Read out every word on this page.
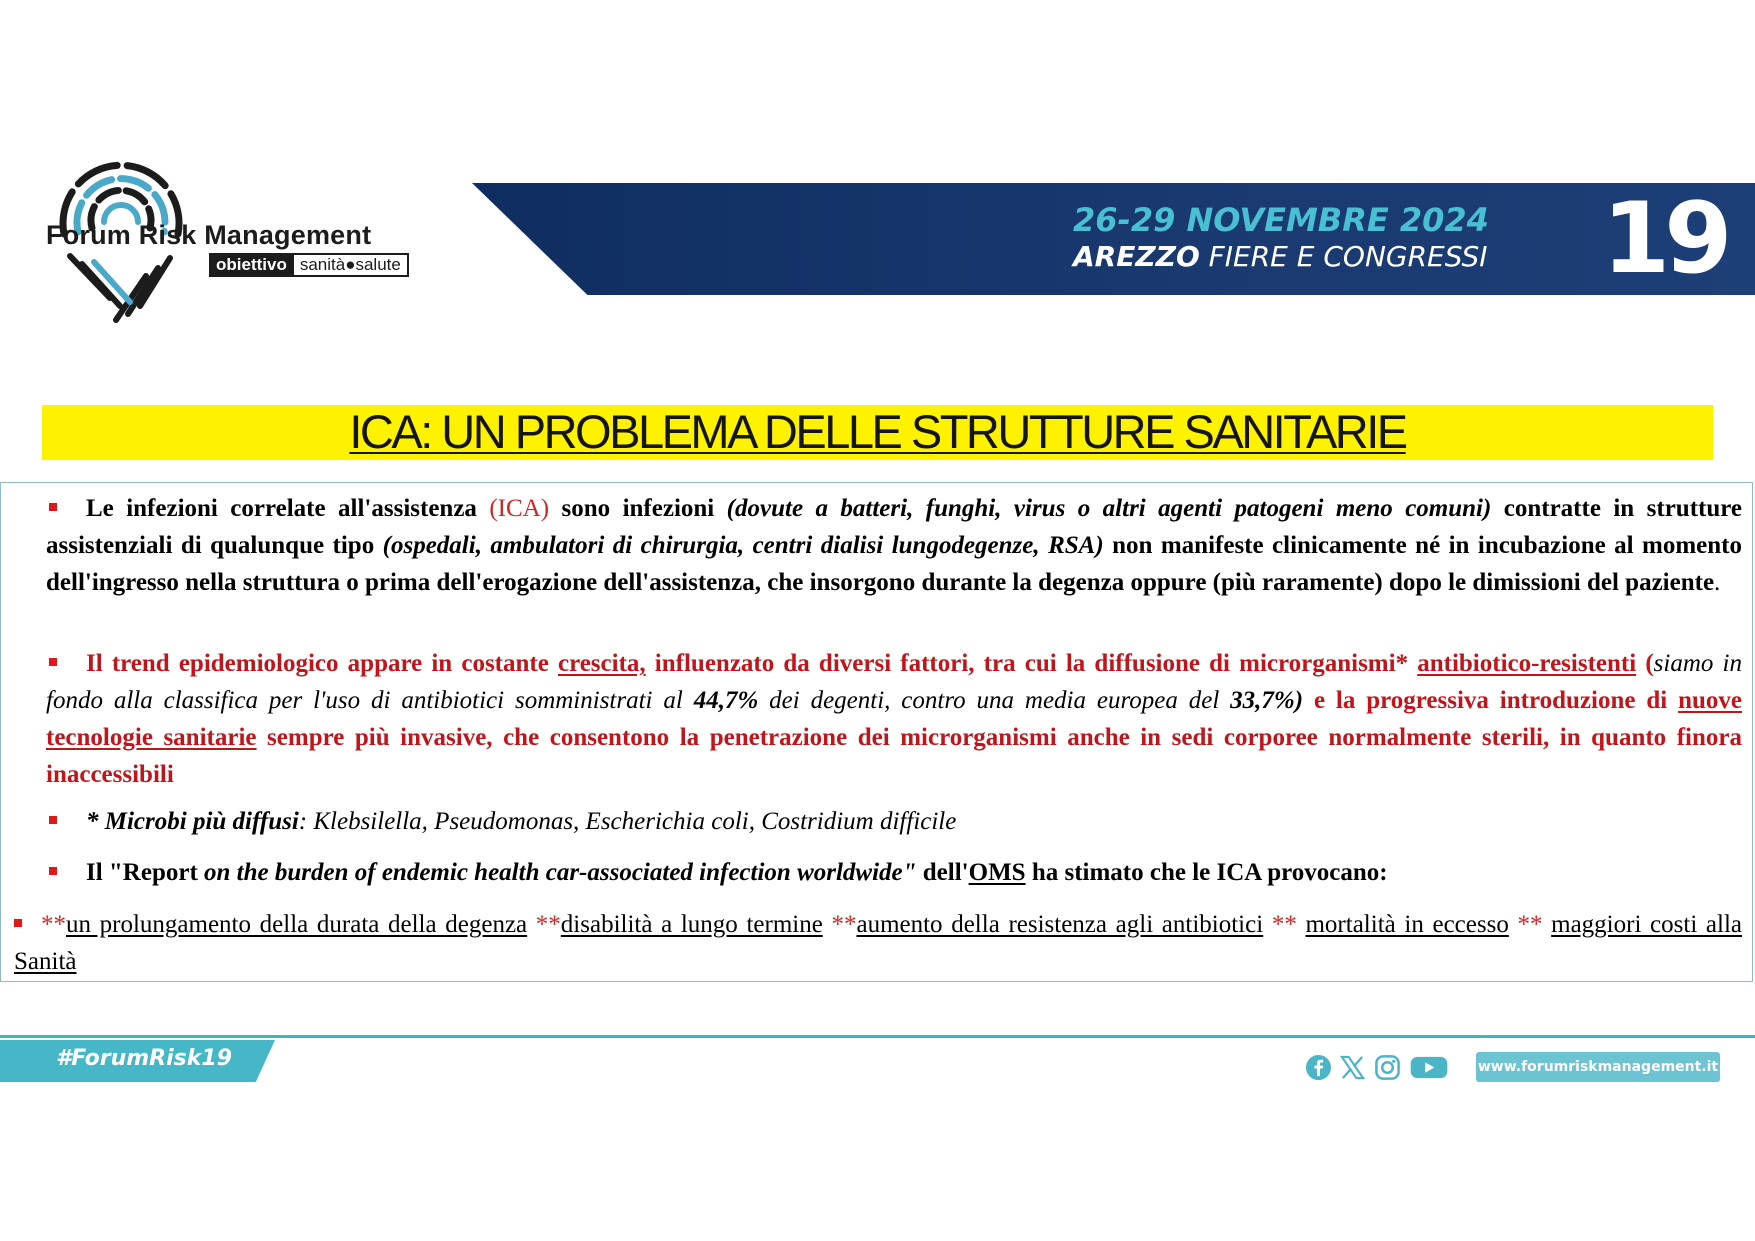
Forum Risk Management
obiettivo sanità●salute
26-29 NOVEMBRE 2024
AREZZO FIERE E CONGRESSI 19
ICA: UN PROBLEMA DELLE STRUTTURE SANITARIE
Le infezioni correlate all'assistenza (ICA) sono infezioni (dovute a batteri, funghi, virus o altri agenti patogeni meno comuni) contratte in strutture assistenziali di qualunque tipo (ospedali, ambulatori di chirurgia, centri dialisi lungodegenze, RSA) non manifeste clinicamente né in incubazione al momento dell'ingresso nella struttura o prima dell'erogazione dell'assistenza, che insorgono durante la degenza oppure (più raramente) dopo le dimissioni del paziente.
Il trend epidemiologico appare in costante crescita, influenzato da diversi fattori, tra cui la diffusione di microrganismi* antibiotico-resistenti (siamo in fondo alla classifica per l'uso di antibiotici somministrati al 44,7% dei degenti, contro una media europea del 33,7%) e la progressiva introduzione di nuove tecnologie sanitarie sempre più invasive, che consentono la penetrazione dei microrganismi anche in sedi corporee normalmente sterili, in quanto finora inaccessibili
* Microbi più diffusi: Klebsilella, Pseudomonas, Escherichia coli, Costridium difficile
Il "Report on the burden of endemic health car-associated infection worldwide" dell'OMS ha stimato che le ICA provocano:
**un prolungamento della durata della degenza **disabilità a lungo termine **aumento della resistenza agli antibiotici ** mortalità in eccesso ** maggiori costi alla Sanità
#ForumRisk19	www.forumriskmanagement.it
